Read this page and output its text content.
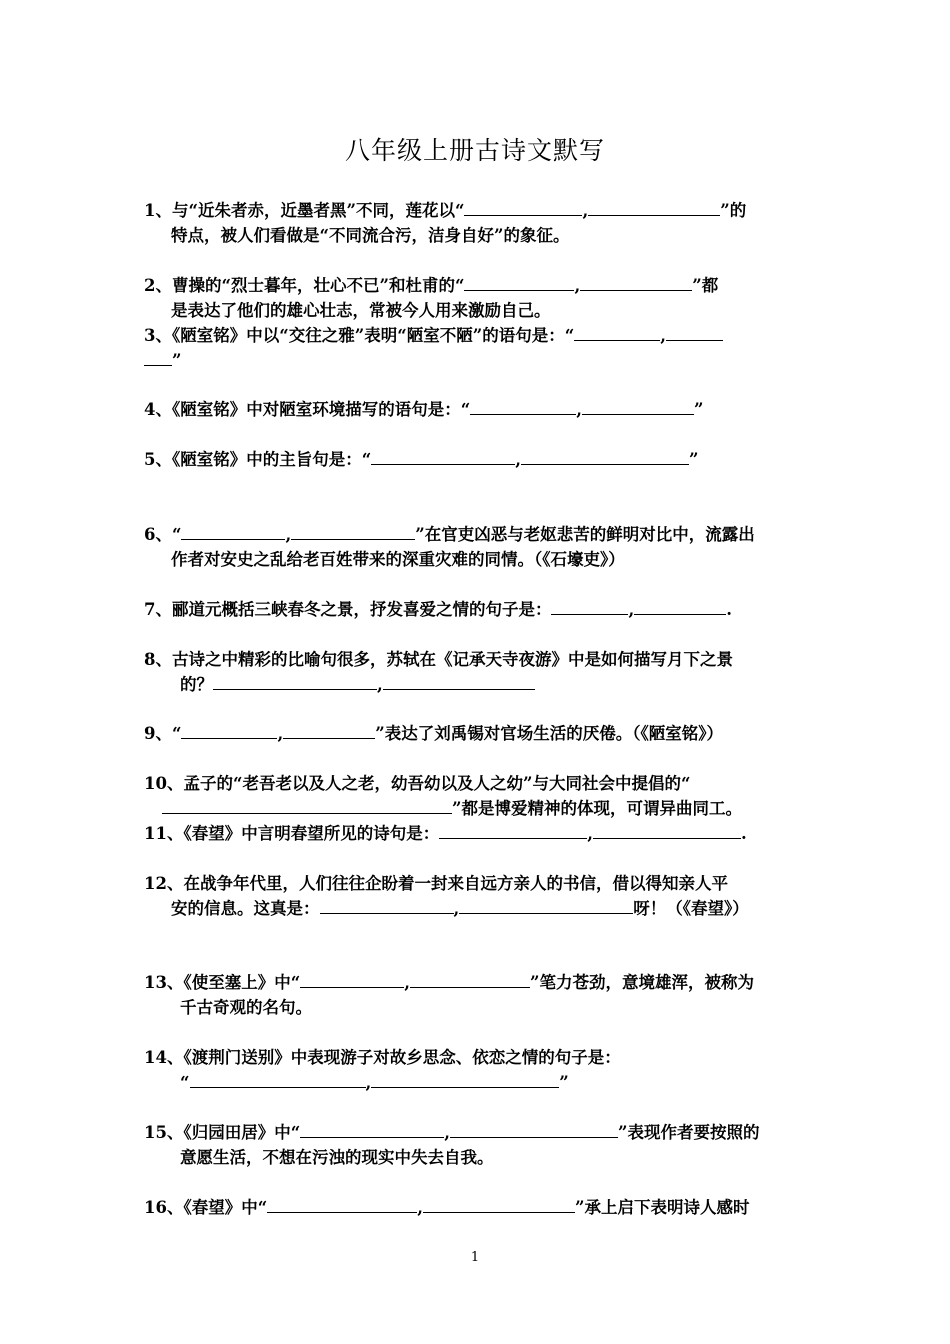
八年级上册古诗文默写
1、与“近朱者赤，近墨者黑”不同，莲花以“	,	”的
特点，被人们看做是“不同流合污，洁身自好”的象征。
2、曹操的“烈士暮年，壮心不已”和杜甫的“	,	”都
是表达了他们的雄心壮志，常被今人用来激励自己。
3、《陋室铭》中以“交往之雅”表明“陋室不陋”的语句是：“	,
”
4、《陋室铭》中对陋室环境描写的语句是：“	,	”
5、《陋室铭》中的主旨句是：“	,	”
6、“	,	”在官吏凶恶与老妪悲苦的鲜明对比中，流露出
作者对安史之乱给老百姓带来的深重灾难的同情。（《石壕吏》）
7、郦道元概括三峡春冬之景，抒发喜爱之情的句子是：	,	.
8、古诗之中精彩的比喻句很多，苏轼在《记承天寺夜游》中是如何描写月下之景
的？	,
9、“	,	”表达了刘禹锡对官场生活的厌倦。（《陋室铭》）
10、孟子的“老吾老以及人之老，幼吾幼以及人之幼”与大同社会中提倡的“
”都是博爱精神的体现，可谓异曲同工。
11、《春望》中言明春望所见的诗句是：	,	.
12、在战争年代里，人们往往企盼着一封来自远方亲人的书信，借以得知亲人平
安的信息。这真是：	,	呀！（《春望》）
13、《使至塞上》中“	,	”笔力苍劲，意境雄浑，被称为
千古奇观的名句。
14、《渡荆门送别》中表现游子对故乡思念、依恋之情的句子是：
“	,	”
15、《归园田居》中“	,	”表现作者要按照的
意愿生活，不想在污浊的现实中失去自我。
16、《春望》中“	,	”承上启下表明诗人感时
1
